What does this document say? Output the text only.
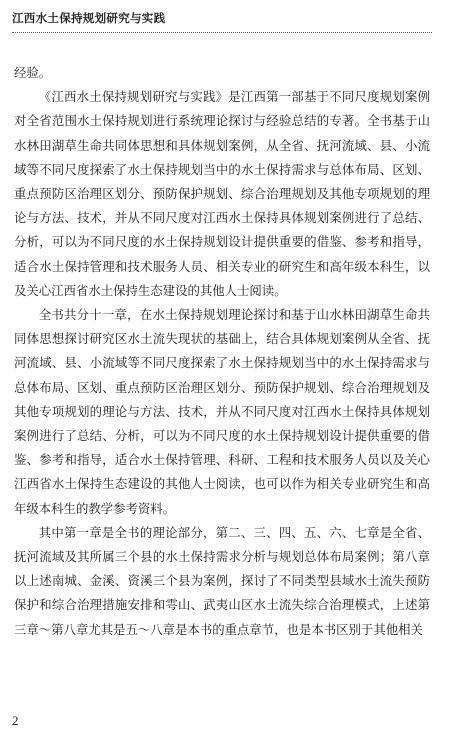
江西水土保持规划研究与实践

经验。

《江西水土保持规划研究与实践》是江西第一部基于不同尺度规划案例对全省范围水土保持规划进行系统理论探讨与经验总结的专著。全书基于山水林田湖草生命共同体思想和具体规划案例，从全省、抚河流域、县、小流域等不同尺度探索了水土保持规划当中的水土保持需求与总体布局、区划、重点预防区治理区划分、预防保护规划、综合治理规划及其他专项规划的理论与方法、技术，并从不同尺度对江西水土保持具体规划案例进行了总结、分析，可以为不同尺度的水土保持规划设计提供重要的借鉴、参考和指导，适合水土保持管理和技术服务人员、相关专业的研究生和高年级本科生，以及关心江西省水土保持生态建设的其他人士阅读。

全书共分十一章，在水土保持规划理论探讨和基于山水林田湖草生命共同体思想探讨研究区水土流失现状的基础上，结合具体规划案例从全省、抚河流域、县、小流域等不同尺度探索了水土保持规划当中的水土保持需求与总体布局、区划、重点预防区治理区划分、预防保护规划、综合治理规划及其他专项规划的理论与方法、技术，并从不同尺度对江西水土保持具体规划案例进行了总结、分析，可以为不同尺度的水土保持规划设计提供重要的借鉴、参考和指导，适合水土保持管理、科研、工程和技术服务人员以及关心江西省水土保持生态建设的其他人士阅读，也可以作为相关专业研究生和高年级本科生的教学参考资料。

其中第一章是全书的理论部分，第二、三、四、五、六、七章是全省、抚河流域及其所属三个县的水土保持需求分析与规划总体布局案例；第八章以上述南城、金溪、资溪三个县为案例，探讨了不同类型县域水土流失预防保护和综合治理措施安排和雩山、武夷山区水土流失综合治理模式，上述第三章～第八章尤其是五～八章是本书的重点章节，也是本书区别于其他相关

2
